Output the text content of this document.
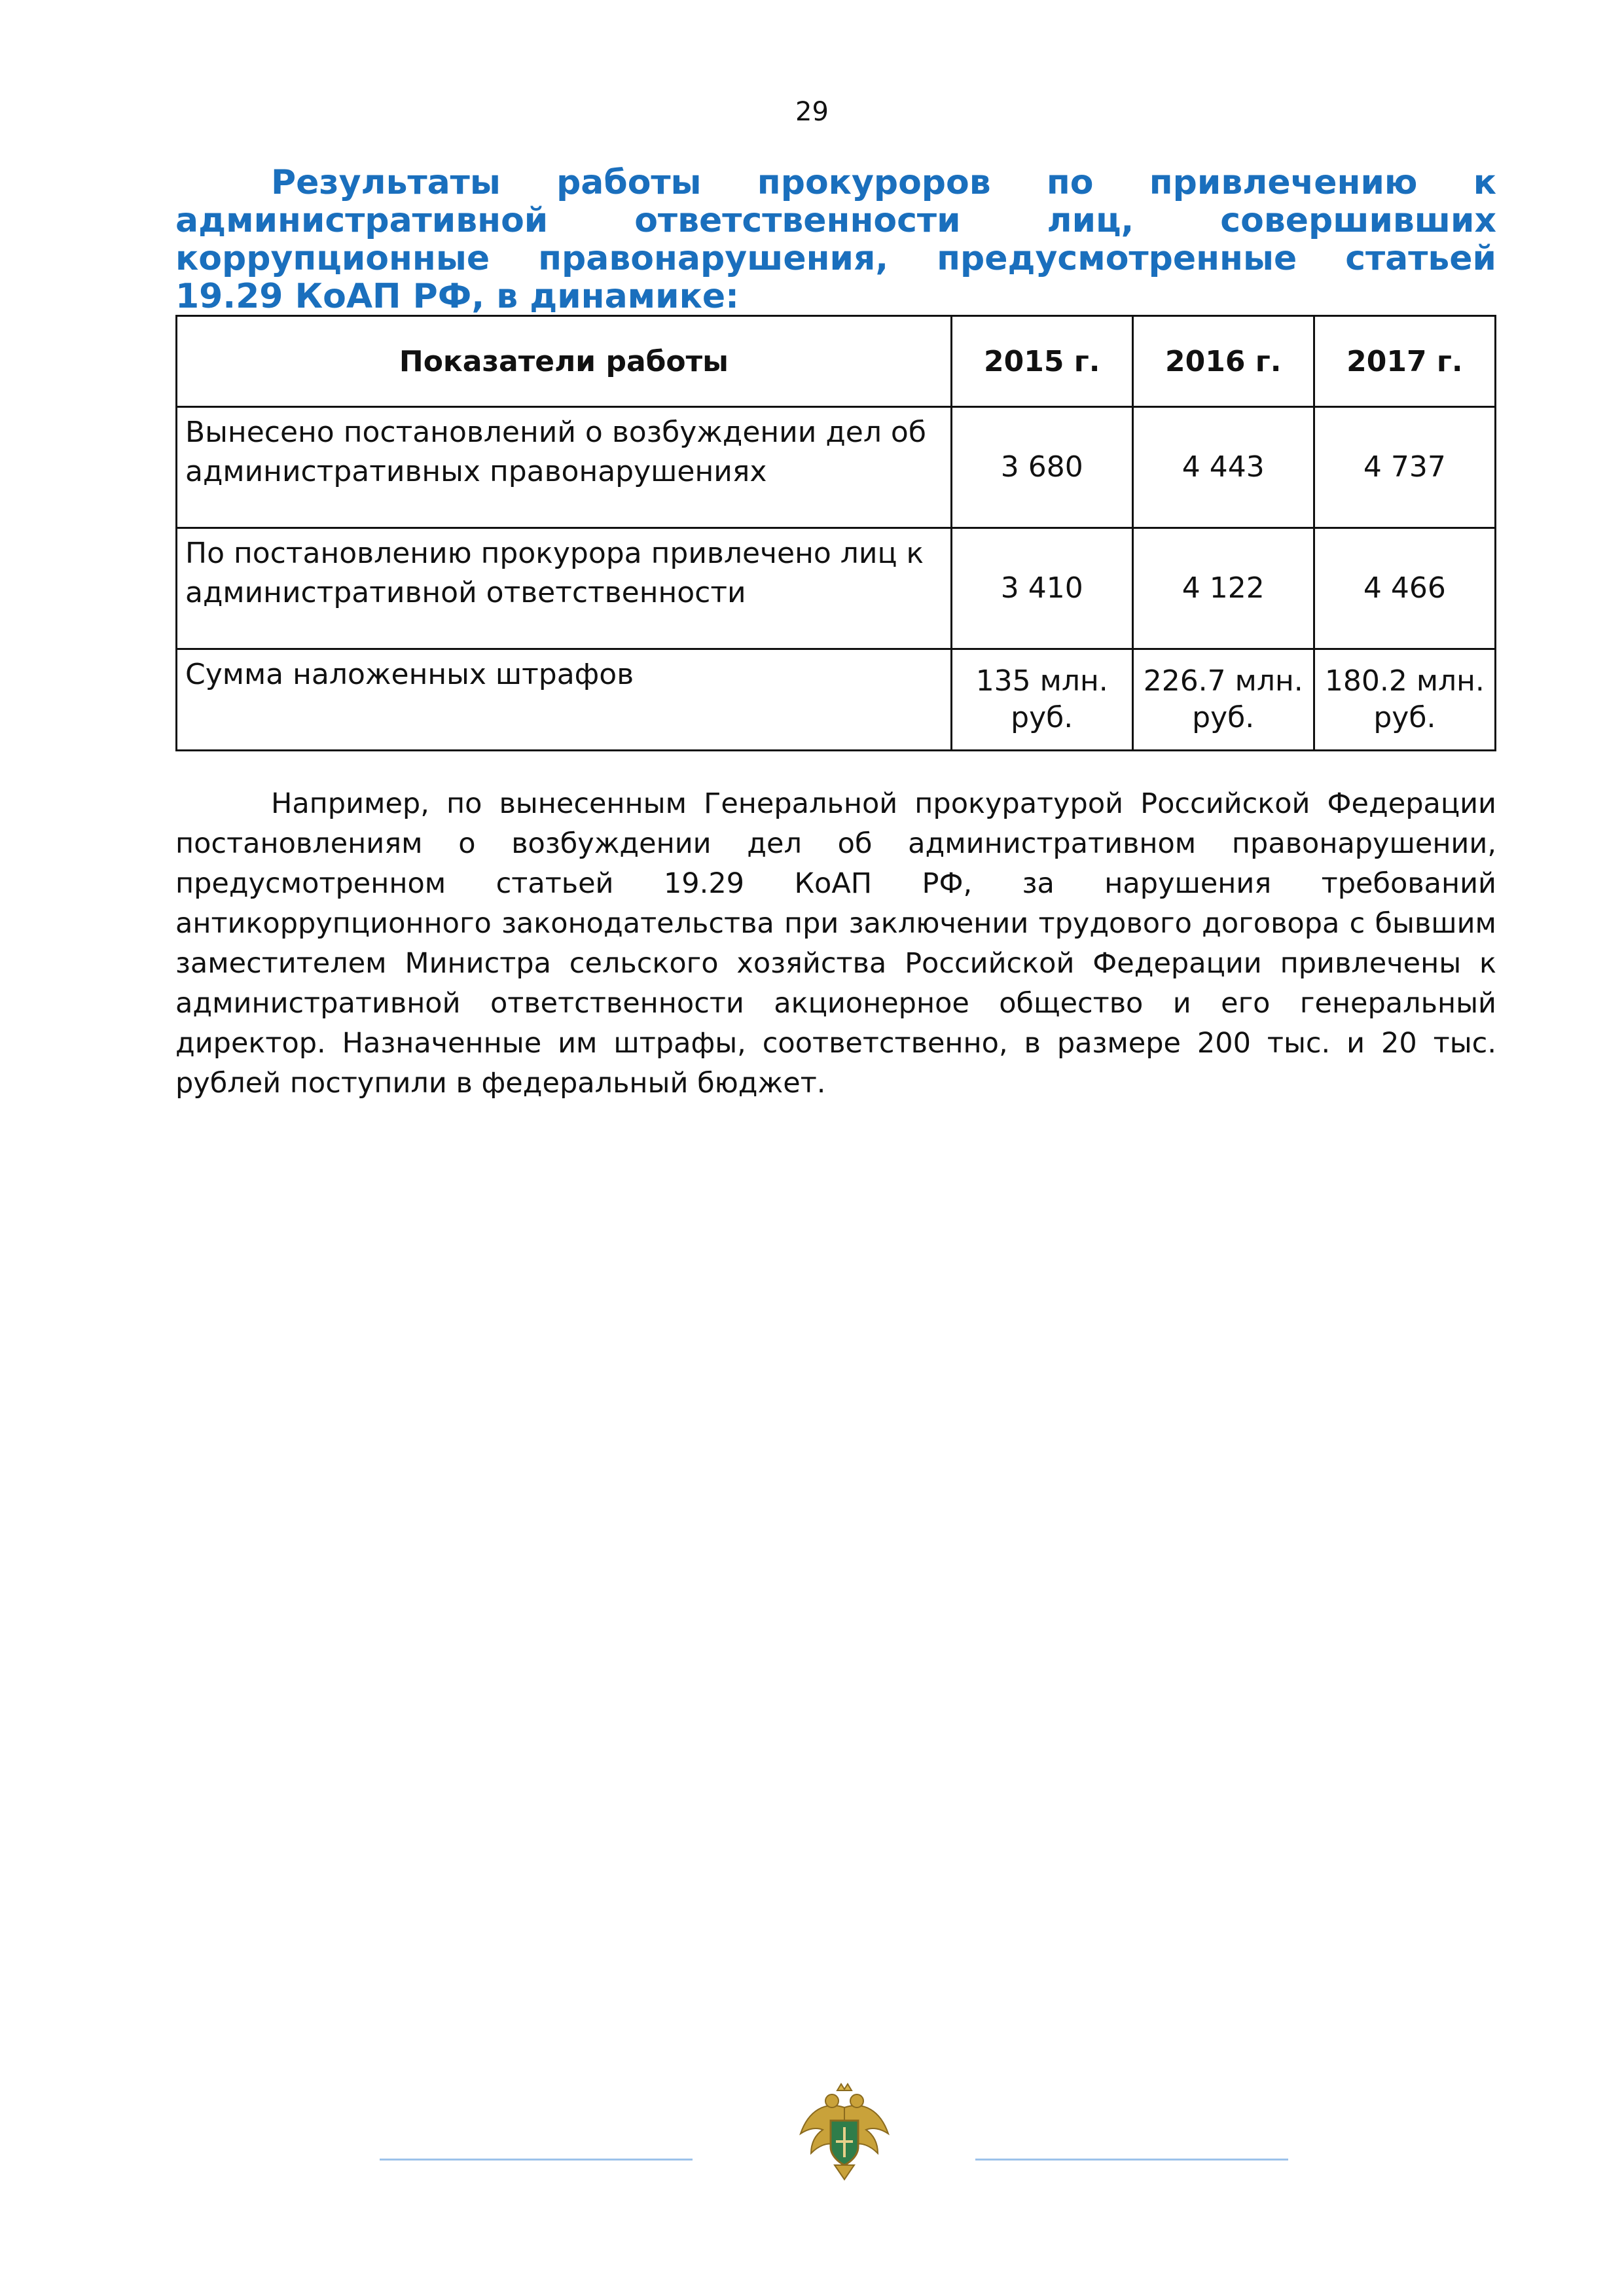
29
Результаты работы прокуроров по привлечению к административной ответственности лиц, совершивших коррупционные правонарушения, предусмотренные статьей 19.29 КоАП РФ, в динамике:
Показатели работы	2015 г.	2016 г.	2017 г.
Вынесено постановлений о возбуждении дел об административных правонарушениях	3 680	4 443	4 737
По постановлению прокурора привлечено лиц к административной ответственности	3 410	4 122	4 466
Сумма наложенных штрафов	135 млн. руб.	226.7 млн. руб.	180.2 млн. руб.
Например, по вынесенным Генеральной прокуратурой Российской Федерации постановлениям о возбуждении дел об административном правонарушении, предусмотренном статьей 19.29 КоАП РФ, за нарушения требований антикоррупционного законодательства при заключении трудового договора с бывшим заместителем Министра сельского хозяйства Российской Федерации привлечены к административной ответственности акционерное общество и его генеральный директор. Назначенные им штрафы, соответственно, в размере 200 тыс. и 20 тыс. рублей поступили в федеральный бюджет.
